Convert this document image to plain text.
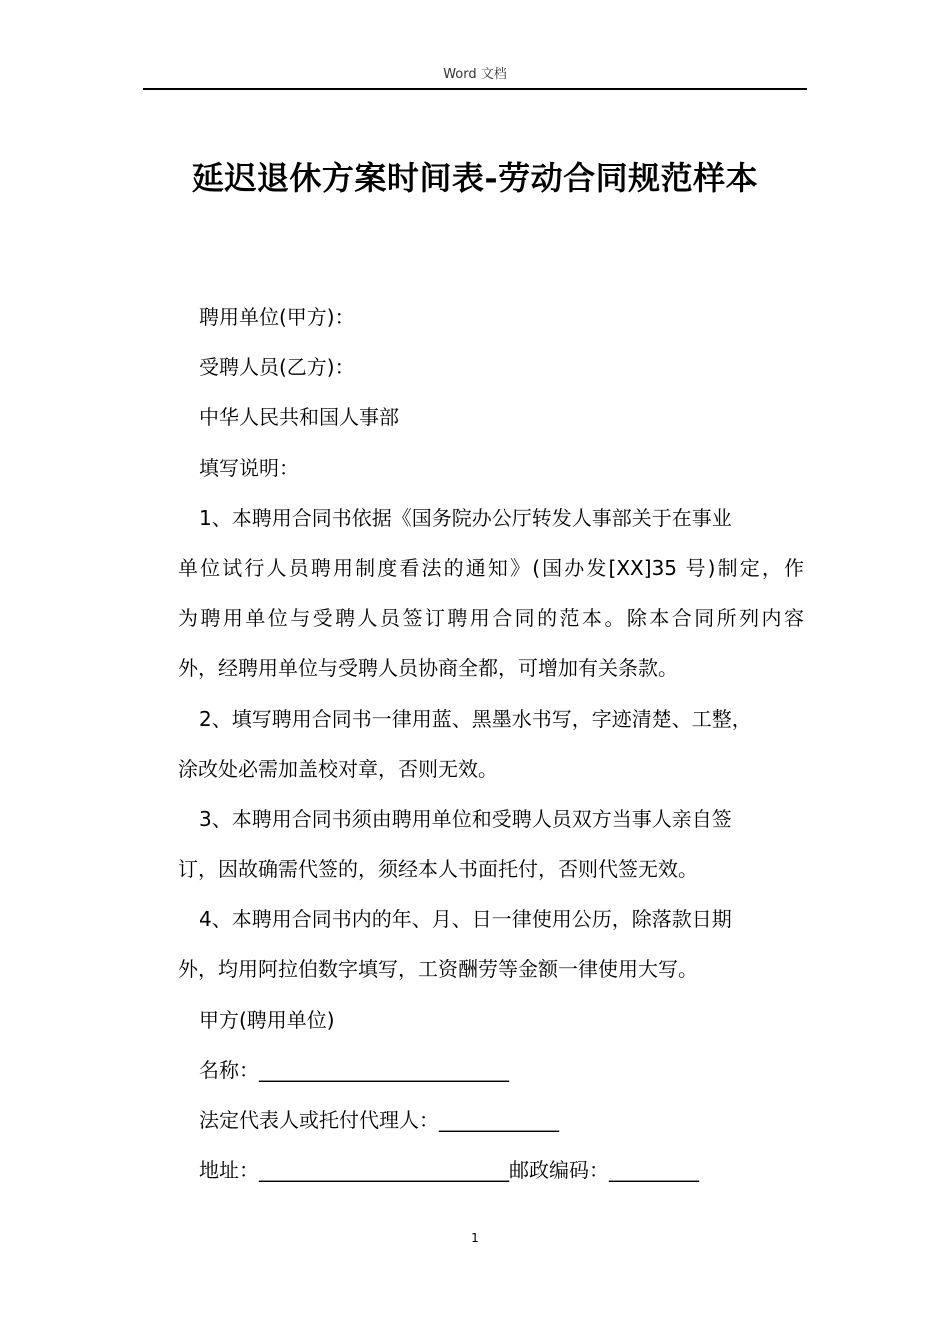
Word 文档
延迟退休方案时间表-劳动合同规范样本
聘用单位(甲方)：
受聘人员(乙方)：
中华人民共和国人事部
填写说明：
1、本聘用合同书依据《国务院办公厅转发人事部关于在事业
单位试行人员聘用制度看法的通知》(国办发[XX]35 号)制定，作
为聘用单位与受聘人员签订聘用合同的范本。除本合同所列内容
外，经聘用单位与受聘人员协商全都，可增加有关条款。
2、填写聘用合同书一律用蓝、黑墨水书写，字迹清楚、工整，
涂改处必需加盖校对章，否则无效。
3、本聘用合同书须由聘用单位和受聘人员双方当事人亲自签
订，因故确需代签的，须经本人书面托付，否则代签无效。
4、本聘用合同书内的年、月、日一律使用公历，除落款日期
外，均用阿拉伯数字填写，工资酬劳等金额一律使用大写。
甲方(聘用单位)
名称：_________________________
法定代表人或托付代理人：____________
地址：_________________________邮政编码：_________
1
